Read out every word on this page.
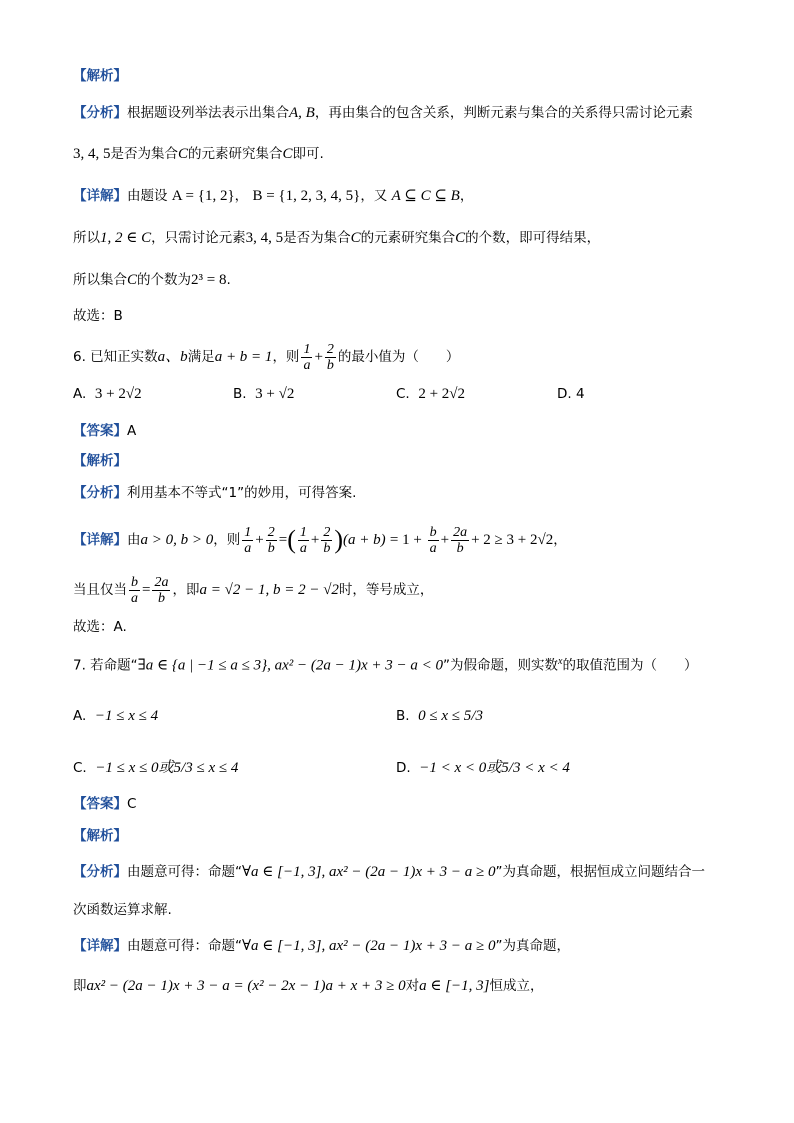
【解析】
【分析】根据题设列举法表示出集合A, B，再由集合的包含关系，判断元素与集合的关系得只需讨论元素
3, 4, 5是否为集合C的元素研究集合C即可.
【详解】由题设 A = {1, 2}， B = {1, 2, 3, 4, 5}，又 A ⊆ C ⊆ B，
所以1, 2 ∈ C，只需讨论元素3, 4, 5是否为集合C的元素研究集合C的个数，即可得结果，
所以集合C的个数为2³ = 8.
故选：B
6. 已知正实数a、b满足a + b = 1，则 $\frac{1}{a} + \frac{2}{b}$ 的最小值为（　　）
A. 3 + 2√2	B. 3 + √2	C. 2 + 2√2	D. 4
【答案】A
【解析】
【分析】利用基本不等式“1”的妙用，可得答案.
【详解】由a > 0, b > 0，则 $\frac{1}{a} + \frac{2}{b}$ =( $\frac{1}{a} + \frac{2}{b} )(a + b) = 1 + \frac{b}{a} + \frac{2a}{b} + 2 \ge 3 + 2√2$，
当且仅当 $\frac{b}{a} = \frac{2a}{b}$ ，即a = √2 − 1, b = 2 − √2时，等号成立，
故选：A.
7. 若命题“∃a ∈ {a | −1 ≤ a ≤ 3}, ax² − (2a − 1)x + 3 − a < 0”为假命题，则实数$^x$的取值范围为（　　）
A. −1 ≤ x ≤ 4	B. 0 ≤ x ≤ 5/3
C. −1 ≤ x ≤ 0或5/3 ≤ x ≤ 4	D. −1 < x < 0或5/3 < x < 4
【答案】C
【解析】
【分析】由题意可得：命题“∀a ∈ [−1, 3], ax² − (2a − 1)x + 3 − a ≥ 0”为真命题，根据恒成立问题结合一
次函数运算求解.
【详解】由题意可得：命题“∀a ∈ [−1, 3], ax² − (2a − 1)x + 3 − a ≥ 0”为真命题，
即ax² − (2a − 1)x + 3 − a = (x² − 2x − 1)a + x + 3 ≥ 0对a ∈ [−1, 3]恒成立，
